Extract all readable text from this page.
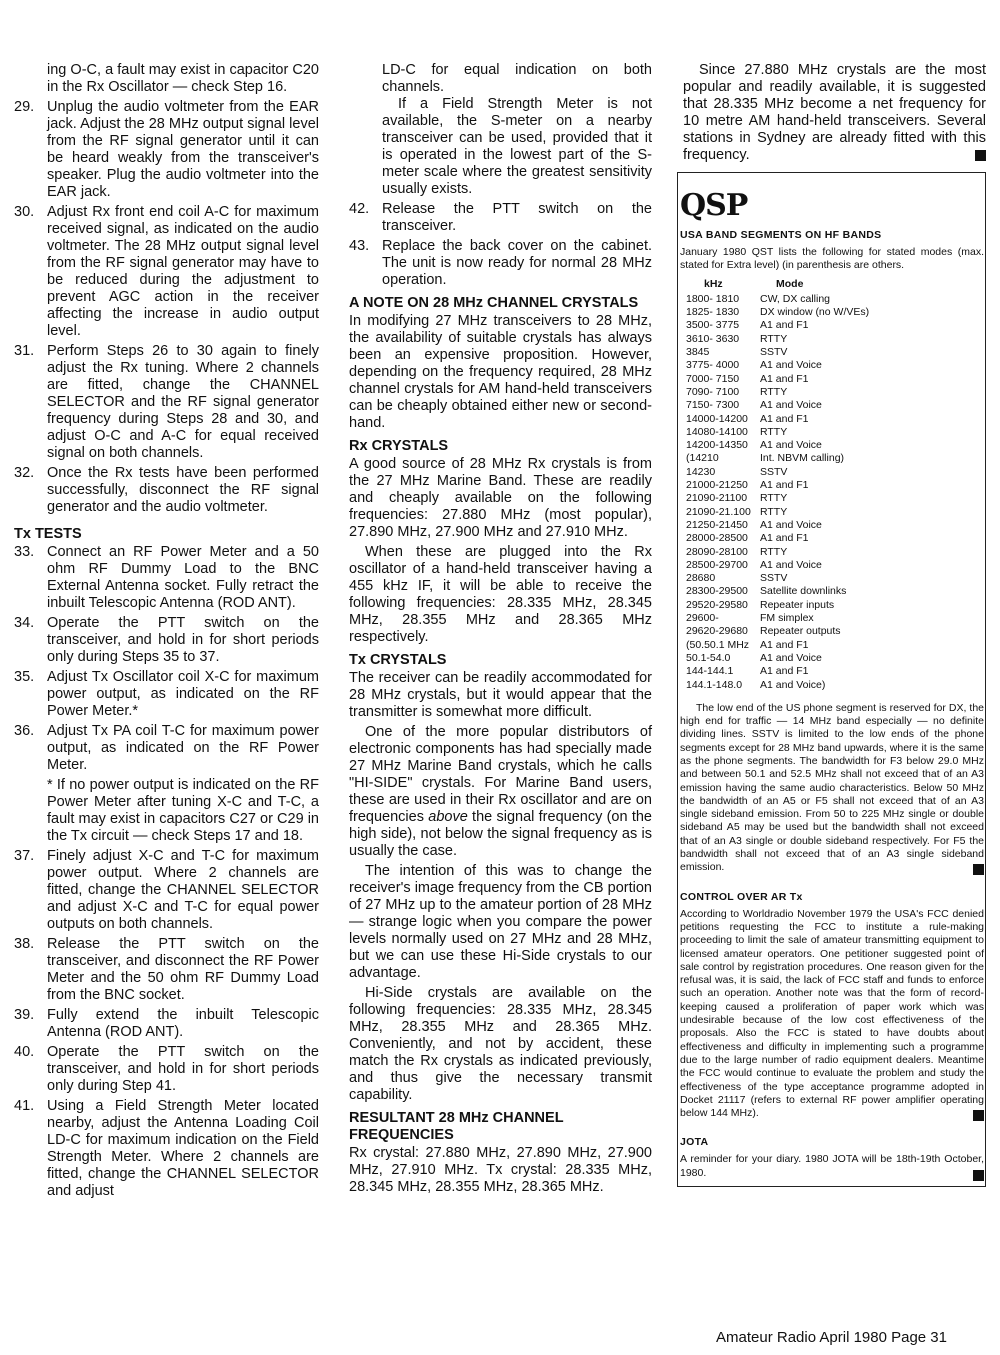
ing O-C, a fault may exist in capacitor C20 in the Rx Oscillator — check Step 16.

29. Unplug the audio voltmeter from the EAR jack. Adjust the 28 MHz output signal level from the RF signal generator until it can be heard weakly from the transceiver's speaker. Plug the audio voltmeter into the EAR jack.
30. Adjust Rx front end coil A-C for maximum received signal, as indicated on the audio voltmeter. The 28 MHz output signal level from the RF signal generator may have to be reduced during the adjustment to prevent AGC action in the receiver affecting the increase in audio output level.
31. Perform Steps 26 to 30 again to finely adjust the Rx tuning. Where 2 channels are fitted, change the CHANNEL SELECTOR and the RF signal generator frequency during Steps 28 and 30, and adjust O-C and A-C for equal received signal on both channels.
32. Once the Rx tests have been performed successfully, disconnect the RF signal generator and the audio voltmeter.
Tx TESTS
33. Connect an RF Power Meter and a 50 ohm RF Dummy Load to the BNC External Antenna socket. Fully retract the inbuilt Telescopic Antenna (ROD ANT).
34. Operate the PTT switch on the transceiver, and hold in for short periods only during Steps 35 to 37.
35. Adjust Tx Oscillator coil X-C for maximum power output, as indicated on the RF Power Meter.*
36. Adjust Tx PA coil T-C for maximum power output, as indicated on the RF Power Meter.

* If no power output is indicated on the RF Power Meter after tuning X-C and T-C, a fault may exist in capacitors C27 or C29 in the Tx circuit — check Steps 17 and 18.

37. Finely adjust X-C and T-C for maximum power output. Where 2 channels are fitted, change the CHANNEL SELECTOR and adjust X-C and T-C for equal power outputs on both channels.
38. Release the PTT switch on the transceiver, and disconnect the RF Power Meter and the 50 ohm RF Dummy Load from the BNC socket.
39. Fully extend the inbuilt Telescopic Antenna (ROD ANT).
40. Operate the PTT switch on the transceiver, and hold in for short periods only during Step 41.
41. Using a Field Strength Meter located nearby, adjust the Antenna Loading Coil LD-C for maximum indication on the Field Strength Meter. Where 2 channels are fitted, change the CHANNEL SELECTOR and adjust

LD-C for equal indication on both channels.

If a Field Strength Meter is not available, the S-meter on a nearby transceiver can be used, provided that it is operated in the lowest part of the S-meter scale where the greatest sensitivity usually exists.

42. Release the PTT switch on the transceiver.
43. Replace the back cover on the cabinet. The unit is now ready for normal 28 MHz operation.
A NOTE ON 28 MHz CHANNEL CRYSTALS

In modifying 27 MHz transceivers to 28 MHz, the availability of suitable crystals has always been an expensive proposition. However, depending on the frequency required, 28 MHz channel crystals for AM hand-held transceivers can be cheaply obtained either new or second-hand.

Rx CRYSTALS

A good source of 28 MHz Rx crystals is from the 27 MHz Marine Band. These are readily and cheaply available on the following frequencies: 27.880 MHz (most popular), 27.890 MHz, 27.900 MHz and 27.910 MHz.

When these are plugged into the Rx oscillator of a hand-held transceiver having a 455 kHz IF, it will be able to receive the following frequencies: 28.335 MHz, 28.345 MHz, 28.355 MHz and 28.365 MHz respectively.

Tx CRYSTALS

The receiver can be readily accommodated for 28 MHz crystals, but it would appear that the transmitter is somewhat more difficult.

One of the more popular distributors of electronic components has had specially made 27 MHz Marine Band crystals, which he calls "HI-SIDE" crystals. For Marine Band users, these are used in their Rx oscillator and are on frequencies above the signal frequency (on the high side), not below the signal frequency as is usually the case.

The intention of this was to change the receiver's image frequency from the CB portion of 27 MHz up to the amateur portion of 28 MHz — strange logic when you compare the power levels normally used on 27 MHz and 28 MHz, but we can use these Hi-Side crystals to our advantage.

Hi-Side crystals are available on the following frequencies: 28.335 MHz, 28.345 MHz, 28.355 MHz and 28.365 MHz. Conveniently, and not by accident, these match the Rx crystals as indicated previously, and thus give the necessary transmit capability.

RESULTANT 28 MHz CHANNEL FREQUENCIES

Rx crystal: 27.880 MHz, 27.890 MHz, 27.900 MHz, 27.910 MHz. Tx crystal: 28.335 MHz, 28.345 MHz, 28.355 MHz, 28.365 MHz.

Since 27.880 MHz crystals are the most popular and readily available, it is suggested that 28.335 MHz become a net frequency for 10 metre AM hand-held transceivers. Several stations in Sydney are already fitted with this frequency.

QSP
USA BAND SEGMENTS ON HF BANDS

January 1980 QST lists the following for stated modes (max. stated for Extra level) (in parenthesis are others.

kHz	Mode
1800- 1810	CW, DX calling
1825- 1830	DX window (no W/VEs)
3500- 3775	A1 and F1
3610- 3630	RTTY
3845	SSTV
3775- 4000	A1 and Voice
7000- 7150	A1 and F1
7090- 7100	RTTY
7150- 7300	A1 and Voice
14000-14200	A1 and F1
14080-14100	RTTY
14200-14350	A1 and Voice
(14210	Int. NBVM calling)
14230	SSTV
21000-21250	A1 and F1
21090-21100	RTTY
21090-21.100	RTTY
21250-21450	A1 and Voice
28000-28500	A1 and F1
28090-28100	RTTY
28500-29700	A1 and Voice
28680	SSTV
28300-29500	Satellite downlinks
29520-29580	Repeater inputs
29600-	FM simplex
29620-29680	Repeater outputs
(50.50.1 MHz	A1 and F1
50.1-54.0	A1 and Voice
144-144.1	A1 and F1
144.1-148.0	A1 and Voice)

The low end of the US phone segment is reserved for DX, the high end for traffic — 14 MHz band especially — no definite dividing lines. SSTV is limited to the low ends of the phone segments except for 28 MHz band upwards, where it is the same as the phone segments. The bandwidth for F3 below 29.0 MHz and between 50.1 and 52.5 MHz shall not exceed that of an A3 emission having the same audio characteristics. Below 50 MHz the bandwidth of an A5 or F5 shall not exceed that of an A3 single sideband emission. From 50 to 225 MHz single or double sideband A5 may be used but the bandwidth shall not exceed that of an A3 single or double sideband respectively. For F5 the bandwidth shall not exceed that of an A3 single sideband emission.

CONTROL OVER AR Tx

According to Worldradio November 1979 the USA's FCC denied petitions requesting the FCC to institute a rule-making proceeding to limit the sale of amateur transmitting equipment to licensed amateur operators. One petitioner suggested point of sale control by registration procedures. One reason given for the refusal was, it is said, the lack of FCC staff and funds to enforce such an operation. Another note was that the form of record-keeping caused a proliferation of paper work which was undesirable because of the low cost effectiveness of the proposals. Also the FCC is stated to have doubts about effectiveness and difficulty in implementing such a programme due to the large number of radio equipment dealers. Meantime the FCC would continue to evaluate the problem and study the effectiveness of the type acceptance programme adopted in Docket 21117 (refers to external RF power amplifier operating below 144 MHz).

JOTA

A reminder for your diary. 1980 JOTA will be 18th-19th October, 1980.

Amateur Radio April 1980 Page 31
